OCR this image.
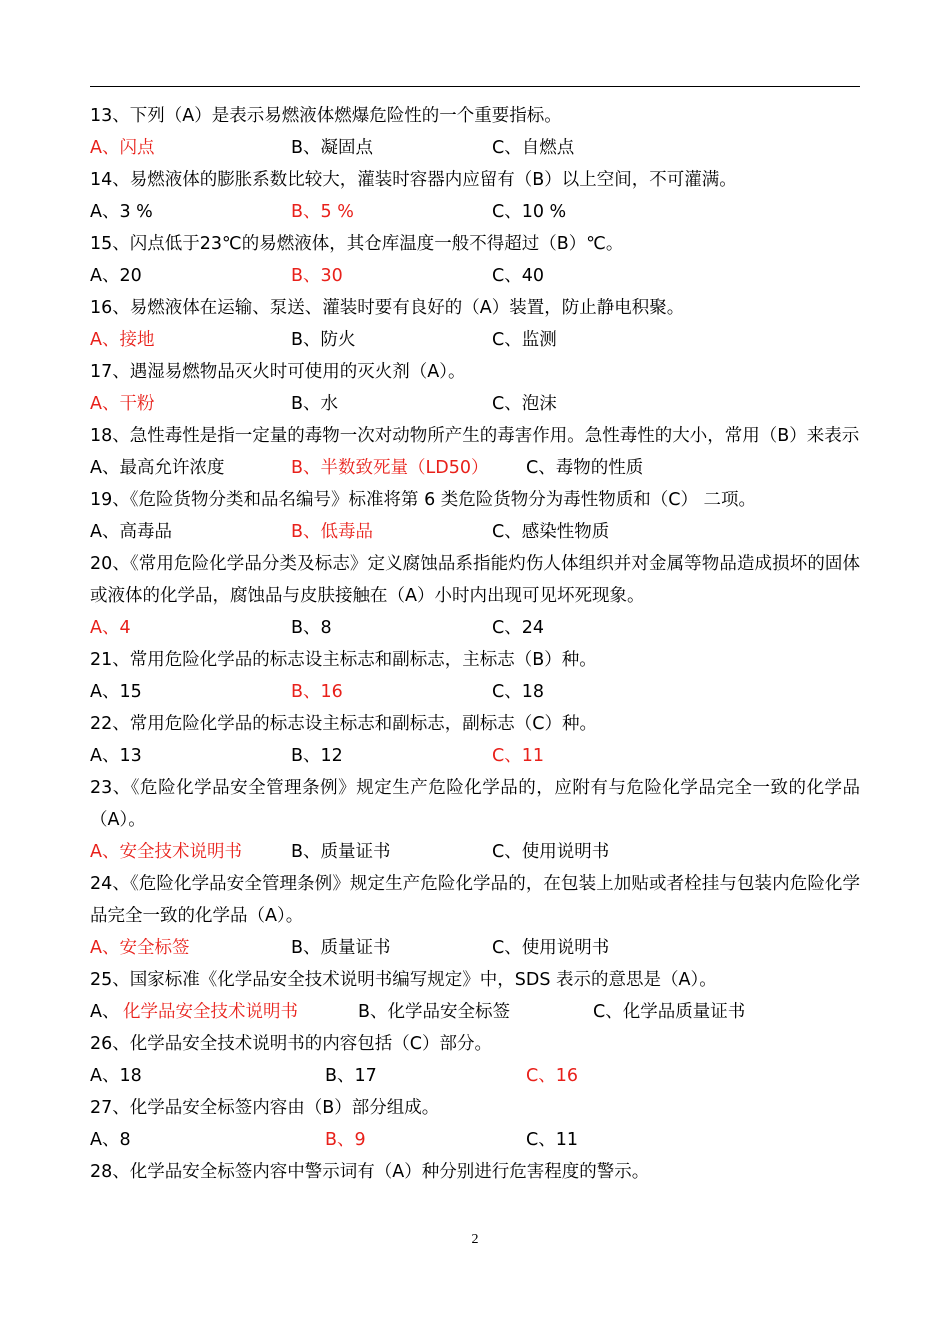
13、下列（A）是表示易燃液体燃爆危险性的一个重要指标。

A、闪点	B、凝固点	C、自燃点

14、易燃液体的膨胀系数比较大，灌装时容器内应留有（B）以上空间，不可灌满。

A、3 %	B、5 %	C、10 %

15、闪点低于23℃的易燃液体，其仓库温度一般不得超过（B）℃。

A、20	B、30	C、40

16、易燃液体在运输、泵送、灌装时要有良好的（A）装置，防止静电积聚。

A、接地	B、防火	C、监测

17、遇湿易燃物品灭火时可使用的灭火剂（A）。

A、干粉	B、水	C、泡沫

18、急性毒性是指一定量的毒物一次对动物所产生的毒害作用。急性毒性的大小，常用（B）来表示

A、最高允许浓度	B、半数致死量（LD50） C、毒物的性质

19、《危险货物分类和品名编号》标准将第 6 类危险货物分为毒性物质和（C） 二项。

A、高毒品	B、低毒品	C、感染性物质

20、《常用危险化学品分类及标志》定义腐蚀品系指能灼伤人体组织并对金属等物品造成损坏的固体或液体的化学品，腐蚀品与皮肤接触在（A）小时内出现可见坏死现象。

A、4	B、8	C、24

21、常用危险化学品的标志设主标志和副标志，主标志（B）种。

A、15	B、16	C、18

22、常用危险化学品的标志设主标志和副标志，副标志（C）种。

A、13	B、12	C、11

23、《危险化学品安全管理条例》规定生产危险化学品的，应附有与危险化学品完全一致的化学品（A）。

A、安全技术说明书	B、质量证书	C、使用说明书

24、《危险化学品安全管理条例》规定生产危险化学品的，在包装上加贴或者栓挂与包装内危险化学品完全一致的化学品（A）。

A、安全标签	B、质量证书	C、使用说明书

25、国家标准《化学品安全技术说明书编写规定》中，SDS 表示的意思是（A）。

A、 化学品安全技术说明书	B、化学品安全标签	C、化学品质量证书

26、化学品安全技术说明书的内容包括（C）部分。

A、18	B、17	C、16

27、化学品安全标签内容由（B）部分组成。

A、8	B、9	C、11

28、化学品安全标签内容中警示词有（A）种分别进行危害程度的警示。

2
